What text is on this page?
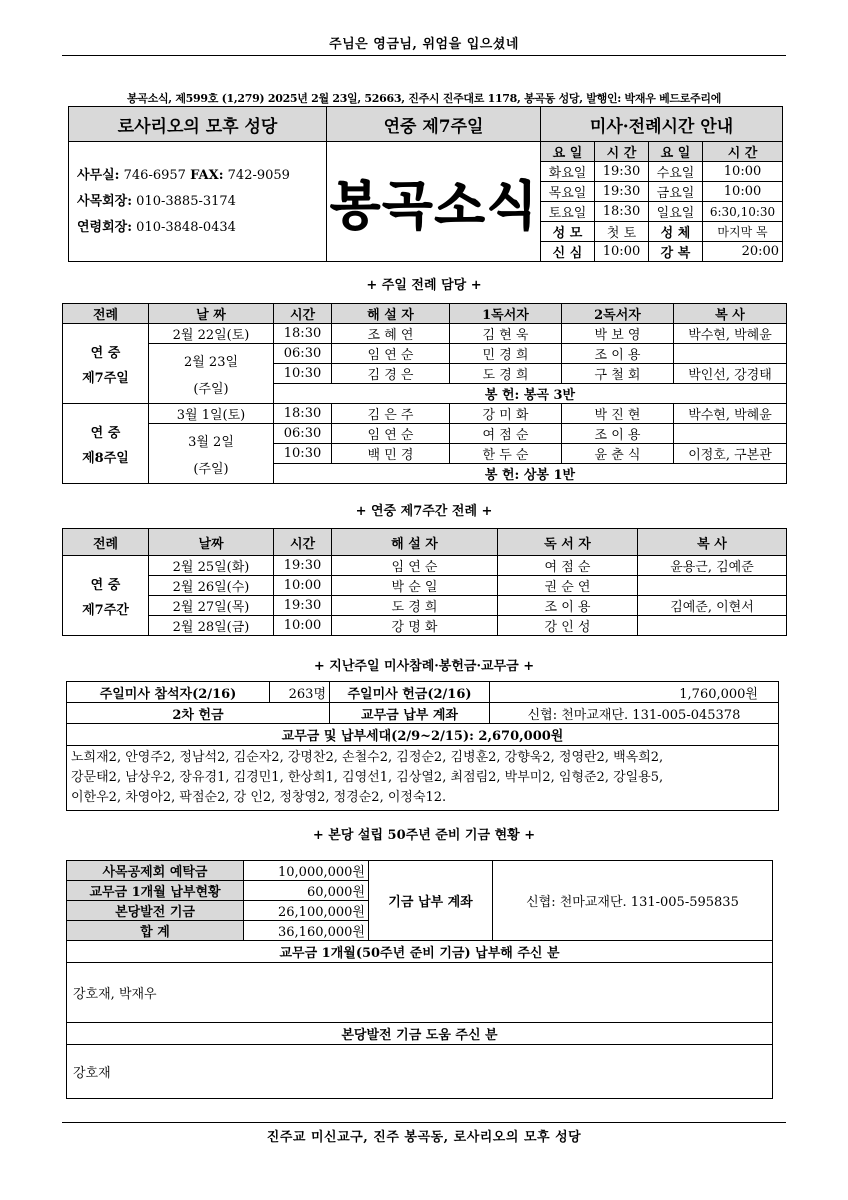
주님은 영금님, 위엄을 입으셨네
봉곡소식, 제599호 (1,279) 2025년 2월 23일, 52663, 진주시 진주대로 1178, 봉곡동 성당, 발행인: 박재우 베드로주리에
로사리오의 모후 성당	연중 제7주일	미사·전례시간 안내			

사무실: 746-6957 FAX: 742-9059
사목회장: 010-3885-3174
연령회장: 010-3848-0434	봉곡소식	요 일	시 간	요 일	시 간
		화요일	19:30	수요일	10:00
		목요일	19:30	금요일	10:00
		토요일	18:30	일요일	6:30,10:30
		성 모	첫 토	성 체	마지막 목
		신 심	10:00	강 복	20:00
+ 주일 전례 담당 +
전례	날 짜	시간	해 설 자	1독서자	2독서자	복 사

연 중
제7주일	2월 22일(토)	18:30	조 혜 연	김 현 욱	박 보 영	박수현, 박혜윤

	2월 23일
(주일)	06:30	임 연 순	민 경 희	조 이 용	
		10:30	김 경 은	도 경 희	구 철 회	박인선, 강경태
		봉 헌: 봉곡 3반				

연 중
제8주일	3월 1일(토)	18:30	김 은 주	강 미 화	박 진 현	박수현, 박혜윤

	3월 2일
(주일)	06:30	임 연 순	여 점 순	조 이 용	
		10:30	백 민 경	한 두 순	윤 춘 식	이정호, 구본관
		봉 헌: 상봉 1반				
+ 연중 제7주간 전례 +
전례	날짜	시간	해 설 자	독 서 자	복 사

연 중
제7주간	2월 25일(화)	19:30	임 연 순	여 점 순	윤용근, 김예준
	2월 26일(수)	10:00	박 순 일	권 순 연	
	2월 27일(목)	19:30	도 경 희	조 이 용	김예준, 이현서
	2월 28일(금)	10:00	강 명 화	강 인 성	
+ 지난주일 미사참례·봉헌금·교무금 +
주일미사 참석자(2/16)	263명	주일미사 헌금(2/16)	1,760,000원
2차 헌금		교무금 납부 계좌	신협: 천마교재단. 131-005-045378
교무금 및 납부세대(2/9~2/15): 2,670,000원			

노희재2, 안영주2, 정남석2, 김순자2, 강명찬2, 손철수2, 김정순2, 김병훈2, 강향욱2, 정영란2, 백옥희2,
강문태2, 남상우2, 장유경1, 김경민1, 한상희1, 김영선1, 김상열2, 최점림2, 박부미2, 임형준2, 강일용5,
이한우2, 차영아2, 팍점순2, 강 인2, 정창영2, 정경순2, 이정숙12.			
+ 본당 설립 50주년 준비 기금 현황 +
사목공제회 예탁금	10,000,000원	기금 납부 계좌	신협: 천마교재단. 131-005-595835
교무금 1개월 납부현황	60,000원		
본당발전 기금	26,100,000원		
합 계	36,160,000원		
교무금 1개월(50주년 준비 기금) 납부해 주신 분			
강호재, 박재우			
본당발전 기금 도움 주신 분			
강호재			
진주교 미신교구, 진주 봉곡동, 로사리오의 모후 성당
